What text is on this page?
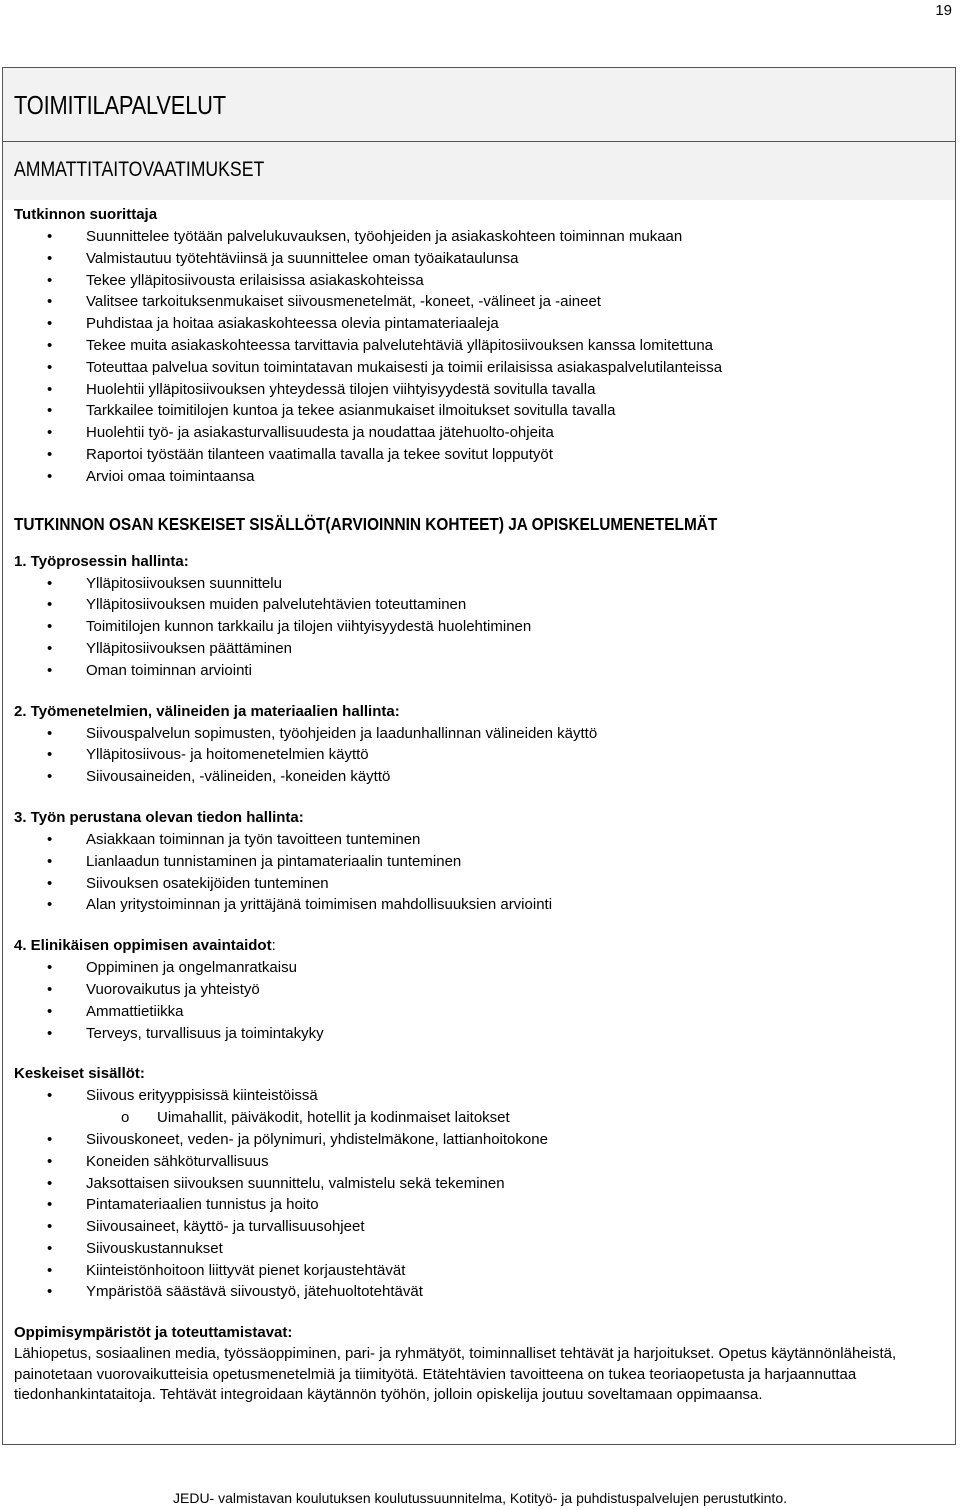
19
TOIMITILAPALVELUT
AMMATTITAITOVAATIMUKSET

Tutkinnon suorittaja

• Suunnittelee työtään palvelukuvauksen, työohjeiden ja asiakaskohteen toiminnan mukaan
• Valmistautuu työtehtäviinsä ja suunnittelee oman työaikataulunsa
• Tekee ylläpitosiivousta erilaisissa asiakaskohteissa
• Valitsee tarkoituksenmukaiset siivousmenetelmät, -koneet, -välineet ja -aineet
• Puhdistaa ja hoitaa asiakaskohteessa olevia pintamateriaaleja
• Tekee muita asiakaskohteessa tarvittavia palvelutehtäviä ylläpitosiivouksen kanssa lomitettuna
• Toteuttaa palvelua sovitun toimintatavan mukaisesti ja toimii erilaisissa asiakaspalvelutilanteissa
• Huolehtii ylläpitosiivouksen yhteydessä tilojen viihtyisyydestä sovitulla tavalla
• Tarkkailee toimitilojen kuntoa ja tekee asianmukaiset ilmoitukset sovitulla tavalla
• Huolehtii työ- ja asiakasturvallisuudesta ja noudattaa jätehuolto-ohjeita
• Raportoi työstään tilanteen vaatimalla tavalla ja tekee sovitut lopputyöt
• Arvioi omaa toimintaansa

TUTKINNON OSAN KESKEISET SISÄLLÖT(ARVIOINNIN KOHTEET) JA OPISKELUMENETELMÄT

1. Työprosessin hallinta:

• Ylläpitosiivouksen suunnittelu
• Ylläpitosiivouksen muiden palvelutehtävien toteuttaminen
• Toimitilojen kunnon tarkkailu ja tilojen viihtyisyydestä huolehtiminen
• Ylläpitosiivouksen päättäminen
• Oman toiminnan arviointi

2. Työmenetelmien, välineiden ja materiaalien hallinta:

• Siivouspalvelun sopimusten, työohjeiden ja laadunhallinnan välineiden käyttö
• Ylläpitosiivous- ja hoitomenetelmien käyttö
• Siivousaineiden, -välineiden, -koneiden käyttö

3. Työn perustana olevan tiedon hallinta:

• Asiakkaan toiminnan ja työn tavoitteen tunteminen
• Lianlaadun tunnistaminen ja pintamateriaalin tunteminen
• Siivouksen osatekijöiden tunteminen
• Alan yritystoiminnan ja yrittäjänä toimimisen mahdollisuuksien arviointi

4. Elinikäisen oppimisen avaintaidot:

• Oppiminen ja ongelmanratkaisu
• Vuorovaikutus ja yhteistyö
• Ammattietiikka
• Terveys, turvallisuus ja toimintakyky

Keskeiset sisällöt:

• Siivous erityyppisissä kiinteistöissä
o Uimahallit, päiväkodit, hotellit ja kodinmaiset laitokset
• Siivouskoneet, veden- ja pölynimuri, yhdistelmäkone, lattianhoitokone
• Koneiden sähköturvallisuus
• Jaksottaisen siivouksen suunnittelu, valmistelu sekä tekeminen
• Pintamateriaalien tunnistus ja hoito
• Siivousaineet, käyttö- ja turvallisuusohjeet
• Siivouskustannukset
• Kiinteistönhoitoon liittyvät pienet korjaustehtävät
• Ympäristöä säästävä siivoustyö, jätehuoltotehtävät

Oppimisympäristöt ja toteuttamistavat:

Lähiopetus, sosiaalinen media, työssäoppiminen, pari- ja ryhmätyöt, toiminnalliset tehtävät ja harjoitukset. Opetus käytännönläheistä, painotetaan vuorovaikutteisia opetusmenetelmiä ja tiimityötä. Etätehtävien tavoitteena on tukea teoriaopetusta ja harjaannuttaa tiedonhankintataitoja. Tehtävät integroidaan käytännön työhön, jolloin opiskelija joutuu soveltamaan oppimaansa.

JEDU- valmistavan koulutuksen koulutussuunnitelma, Kotityö- ja puhdistuspalvelujen perustutkinto.
